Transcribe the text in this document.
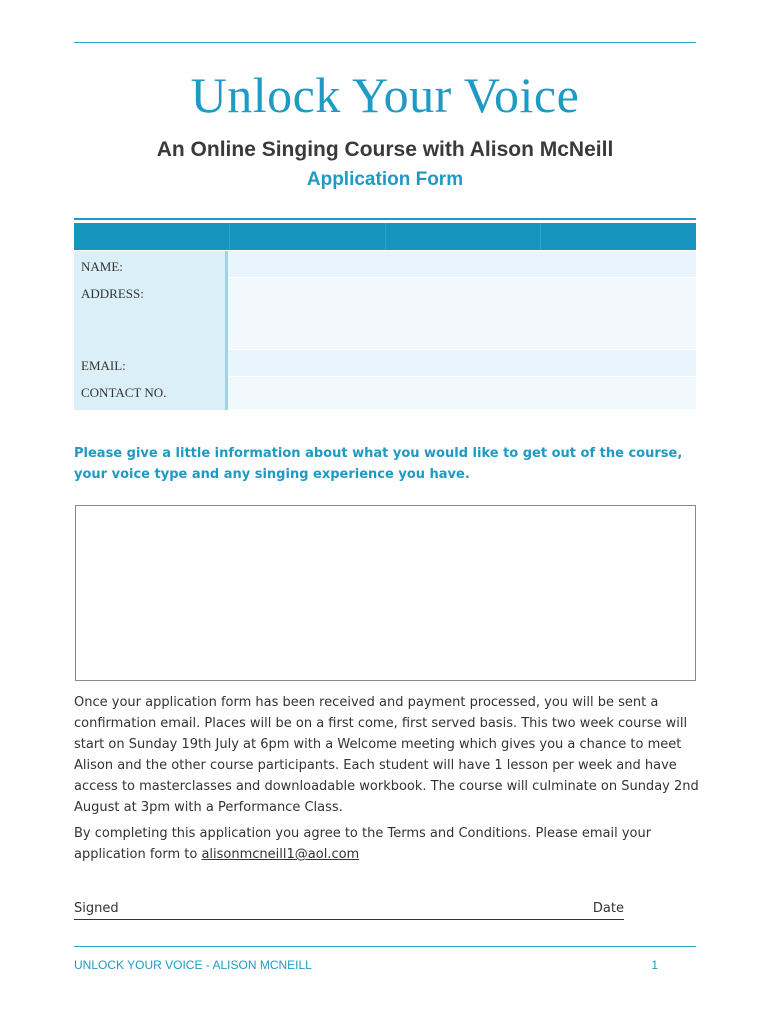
Unlock Your Voice
An Online Singing Course with Alison McNeill
Application Form
NAME:
ADDRESS:
EMAIL:
CONTACT NO.
Please give a little information about what you would like to get out of the course, your voice type and any singing experience you have.
Once your application form has been received and payment processed, you will be sent a confirmation email. Places will be on a first come, first served basis. This two week course will start on Sunday 19th July at 6pm with a Welcome meeting which gives you a chance to meet Alison and the other course participants. Each student will have 1 lesson per week and have access to masterclasses and downloadable workbook. The course will culminate on Sunday 2nd August at 3pm with a Performance Class.
By completing this application you agree to the Terms and Conditions. Please email your application form to alisonmcneill1@aol.com
Signed	Date
UNLOCK YOUR VOICE - ALISON MCNEILL	1
